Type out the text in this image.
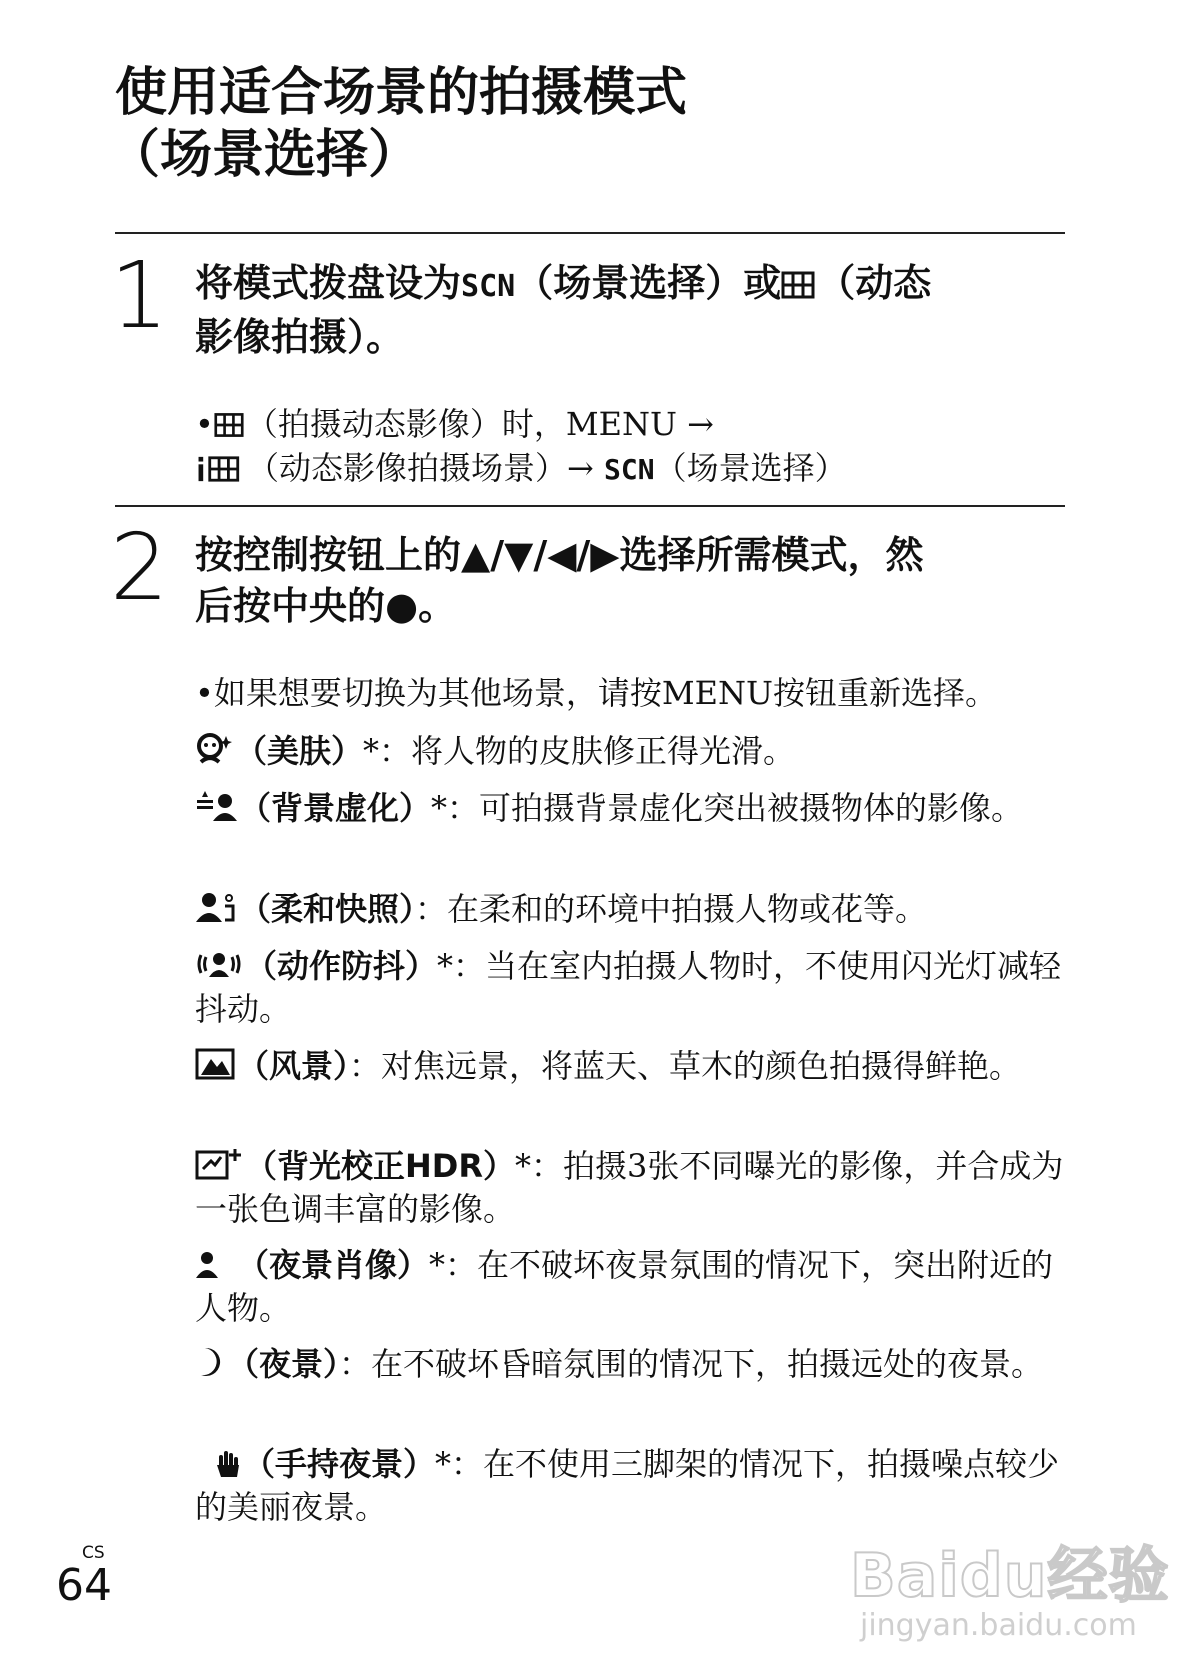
使用适合场景的拍摄模式
（场景选择）
1 将模式拨盘设为SCN（场景选择）或 （动态
影像拍摄）。
• （拍摄动态影像）时，MENU →

（动态影像拍摄场景）→ SCN（场景选择）
2 按控制按钮上的▲/▼/◀/▶选择所需模式，然
后按中央的●。
•如果想要切换为其他场景，请按MENU按钮重新选择。
（美肤）*：将人物的皮肤修正得光滑。
（背景虚化）*：可拍摄背景虚化突出被摄物体的影像。
（柔和快照）：在柔和的环境中拍摄人物或花等。
（动作防抖）*：当在室内拍摄人物时，不使用闪光灯减轻抖动。
（风景）：对焦远景，将蓝天、草木的颜色拍摄得鲜艳。
（背光校正HDR）*：拍摄3张不同曝光的影像，并合成为一张色调丰富的影像。
（夜景肖像）*：在不破坏夜景氛围的情况下，突出附近的人物。
（夜景）：在不破坏昏暗氛围的情况下，拍摄远处的夜景。
（手持夜景）*：在不使用三脚架的情况下，拍摄噪点较少的美丽夜景。
CS
64	Baidu经验
jingyan.baidu.com
